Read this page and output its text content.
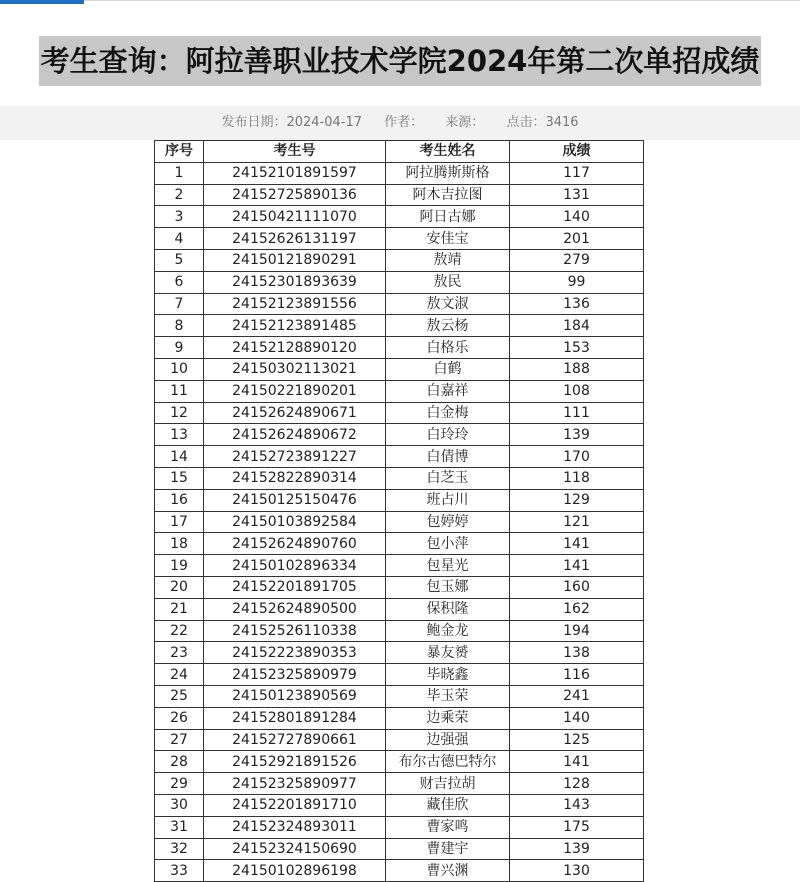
考生查询：阿拉善职业技术学院2024年第二次单招成绩
发布日期：2024-04-17 作者： 来源： 点击：3416
序号	考生号	考生姓名	成绩
1	24152101891597	阿拉腾斯斯格	117
2	24152725890136	阿木吉拉图	131
3	24150421111070	阿日古娜	140
4	24152626131197	安佳宝	201
5	24150121890291	敖靖	279
6	24152301893639	敖民	99
7	24152123891556	敖文淑	136
8	24152123891485	敖云杨	184
9	24152128890120	白格乐	153
10	24150302113021	白鹤	188
11	24150221890201	白嘉祥	108
12	24152624890671	白金梅	111
13	24152624890672	白玲玲	139
14	24152723891227	白倩博	170
15	24152822890314	白芝玉	118
16	24150125150476	班占川	129
17	24150103892584	包婷婷	121
18	24152624890760	包小萍	141
19	24150102896334	包星光	141
20	24152201891705	包玉娜	160
21	24152624890500	保积隆	162
22	24152526110338	鲍金龙	194
23	24152223890353	暴友赟	138
24	24152325890979	毕晓鑫	116
25	24150123890569	毕玉荣	241
26	24152801891284	边乘荣	140
27	24152727890661	边强强	125
28	24152921891526	布尔古德巴特尔	141
29	24152325890977	财吉拉胡	128
30	24152201891710	藏佳欣	143
31	24152324893011	曹家鸣	175
32	24152324150690	曹建宇	139
33	24150102896198	曹兴渊	130
